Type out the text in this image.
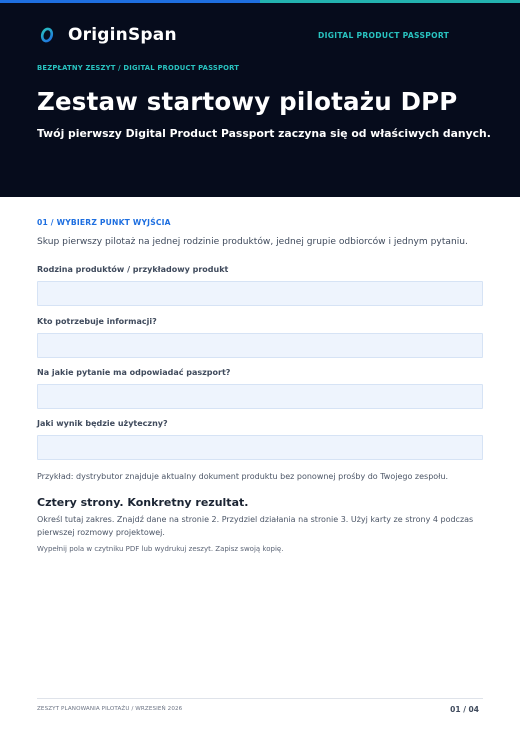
OriginSpan	DIGITAL PRODUCT PASSPORT
BEZPŁATNY ZESZYT / DIGITAL PRODUCT PASSPORT
Zestaw startowy pilotażu DPP

Twój pierwszy Digital Product Passport zaczyna się od właściwych danych.

01 / WYBIERZ PUNKT WYJŚCIA

Skup pierwszy pilotaż na jednej rodzinie produktów, jednej grupie odbiorców i jednym pytaniu.

Rodzina produktów / przykładowy produkt
Kto potrzebuje informacji?
Na jakie pytanie ma odpowiadać paszport?
Jaki wynik będzie użyteczny?

Przykład: dystrybutor znajduje aktualny dokument produktu bez ponownej prośby do Twojego zespołu.

Cztery strony. Konkretny rezultat.

Określ tutaj zakres. Znajdź dane na stronie 2. Przydziel działania na stronie 3. Użyj karty ze strony 4 podczas pierwszej rozmowy projektowej.

Wypełnij pola w czytniku PDF lub wydrukuj zeszyt. Zapisz swoją kopię.

ZESZYT PLANOWANIA PILOTAŻU / WRZESIEŃ 2026	01 / 04
